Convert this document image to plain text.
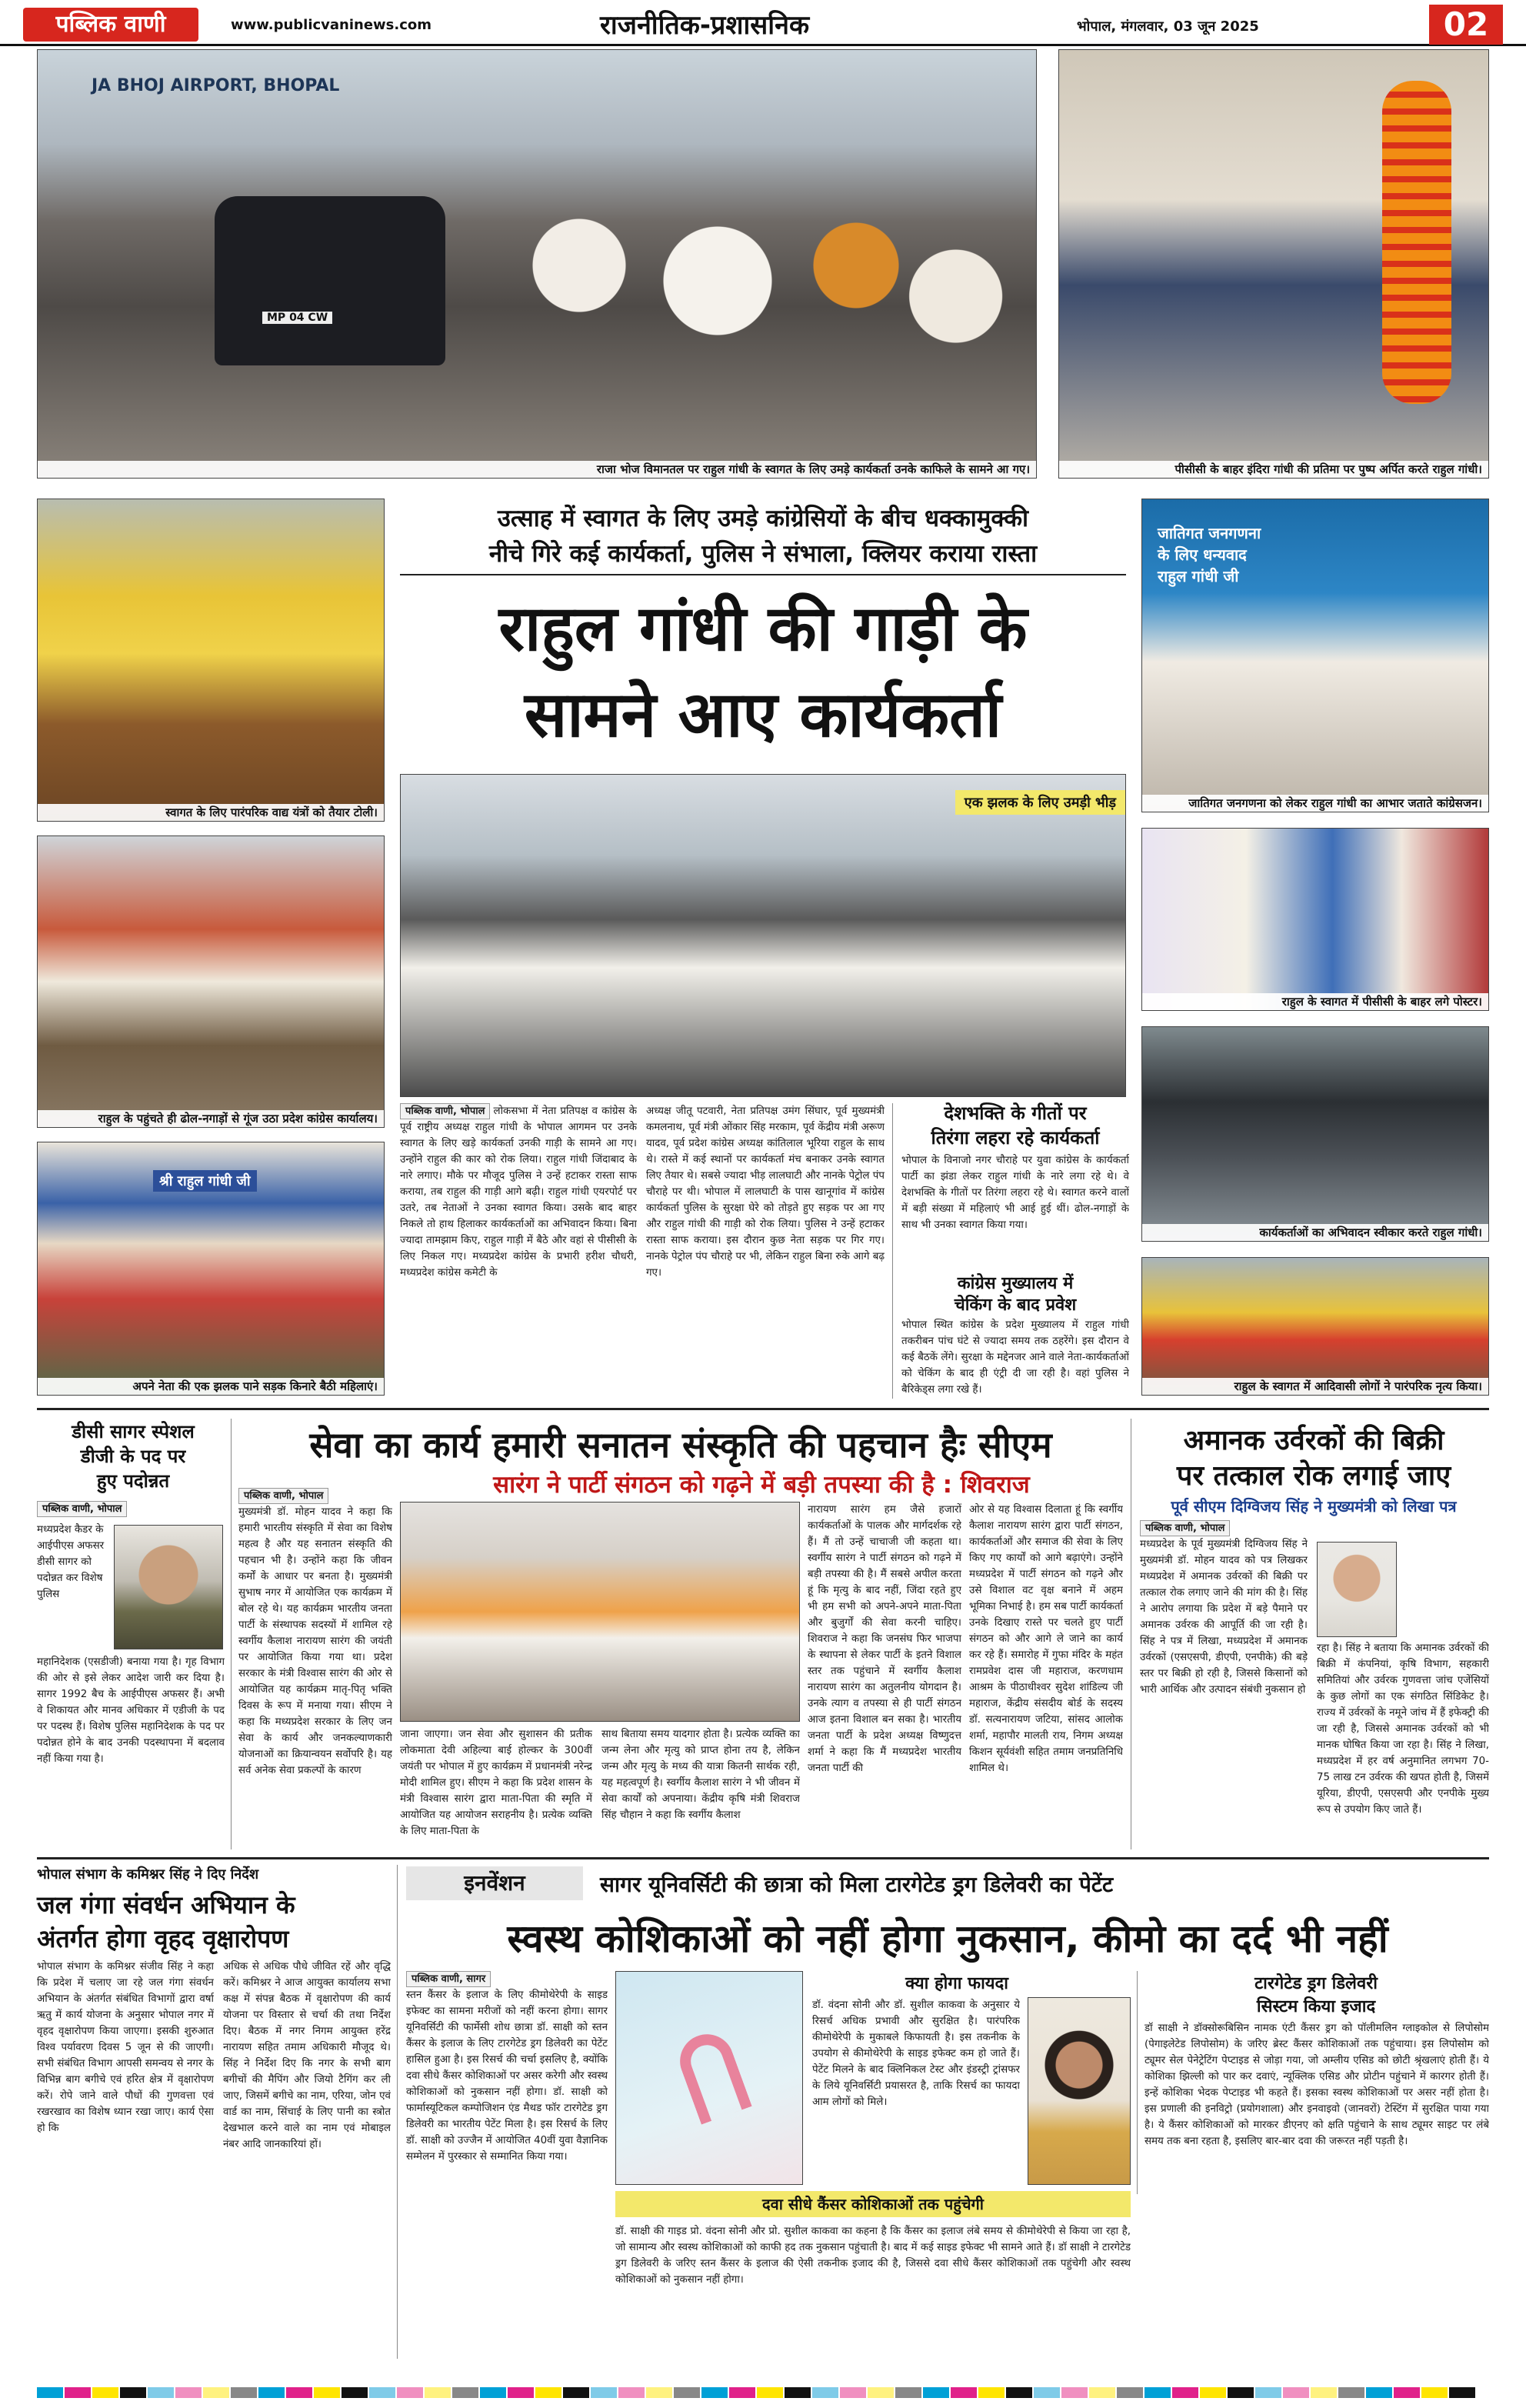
पब्लिक वाणी	www.publicvaninews.com	राजनीतिक-प्रशासनिक	भोपाल, मंगलवार, 03 जून 2025	02
JA BHOJ AIRPORT, BHOPAL
MP 04 CW
राजा भोज विमानतल पर राहुल गांधी के स्वागत के लिए उमड़े कार्यकर्ता उनके काफिले के सामने आ गए।	पीसीसी के बाहर इंदिरा गांधी की प्रतिमा पर पुष्प अर्पित करते राहुल गांधी।
स्वागत के लिए पारंपरिक वाद्य यंत्रों को तैयार टोली।
राहुल के पहुंचते ही ढोल-नगाड़ों से गूंज उठा प्रदेश कांग्रेस कार्यालय।
श्री राहुल गांधी जी
अपने नेता की एक झलक पाने सड़क किनारे बैठी महिलाएं।
जातिगत जनगणना के लिए धन्यवाद राहुल गांधी जी
जातिगत जनगणना को लेकर राहुल गांधी का आभार जताते कांग्रेसजन।
राहुल के स्वागत में पीसीसी के बाहर लगे पोस्टर।
कार्यकर्ताओं का अभिवादन स्वीकार करते राहुल गांधी।
राहुल के स्वागत में आदिवासी लोगों ने पारंपरिक नृत्य किया।
उत्साह में स्वागत के लिए उमड़े कांग्रेसियों के बीच धक्कामुक्की
नीचे गिरे कई कार्यकर्ता, पुलिस ने संभाला, क्लियर कराया रास्ता
राहुल गांधी की गाड़ी के
सामने आए कार्यकर्ता
एक झलक के लिए उमड़ी भीड़
पब्लिक वाणी, भोपाल लोकसभा में नेता प्रतिपक्ष व कांग्रेस के पूर्व राष्ट्रीय अध्यक्ष राहुल गांधी के भोपाल आगमन पर उनके स्वागत के लिए खड़े कार्यकर्ता उनकी गाड़ी के सामने आ गए। उन्होंने राहुल की कार को रोक लिया। राहुल गांधी जिंदाबाद के नारे लगाए। मौके पर मौजूद पुलिस ने उन्हें हटाकर रास्ता साफ कराया, तब राहुल की गाड़ी आगे बढ़ी। राहुल गांधी एयरपोर्ट पर उतरे, तब नेताओं ने उनका स्वागत किया। उसके बाद बाहर निकले तो हाथ हिलाकर कार्यकर्ताओं का अभिवादन किया। बिना ज्यादा तामझाम किए, राहुल गाड़ी में बैठे और वहां से पीसीसी के लिए निकल गए। मध्यप्रदेश कांग्रेस के प्रभारी हरीश चौधरी, मध्यप्रदेश कांग्रेस कमेटी के
अध्यक्ष जीतू पटवारी, नेता प्रतिपक्ष उमंग सिंघार, पूर्व मुख्यमंत्री कमलनाथ, पूर्व मंत्री ओंकार सिंह मरकाम, पूर्व केंद्रीय मंत्री अरूण यादव, पूर्व प्रदेश कांग्रेस अध्यक्ष कांतिलाल भूरिया राहुल के साथ थे। रास्ते में कई स्थानों पर कार्यकर्ता मंच बनाकर उनके स्वागत लिए तैयार थे। सबसे ज्यादा भीड़ लालघाटी और नानके पेट्रोल पंप चौराहे पर थी। भोपाल में लालघाटी के पास खानूगांव में कांग्रेस कार्यकर्ता पुलिस के सुरक्षा घेरे को तोड़ते हुए सड़क पर आ गए और राहुल गांधी की गाड़ी को रोक लिया। पुलिस ने उन्हें हटाकर रास्ता साफ कराया। इस दौरान कुछ नेता सड़क पर गिर गए। नानके पेट्रोल पंप चौराहे पर भी, लेकिन राहुल बिना रुके आगे बढ़ गए।
देशभक्ति के गीतों पर
तिरंगा लहरा रहे कार्यकर्ता
भोपाल के विनाजो नगर चौराहे पर युवा कांग्रेस के कार्यकर्ता पार्टी का झंडा लेकर राहुल गांधी के नारे लगा रहे थे। वे देशभक्ति के गीतों पर तिरंगा लहरा रहे थे। स्वागत करने वालों में बड़ी संख्या में महिलाएं भी आई हुई थीं। ढोल-नगाड़ों के साथ भी उनका स्वागत किया गया।
कांग्रेस मुख्यालय में
चेकिंग के बाद प्रवेश
भोपाल स्थित कांग्रेस के प्रदेश मुख्यालय में राहुल गांधी तकरीबन पांच घंटे से ज्यादा समय तक ठहरेंगे। इस दौरान वे कई बैठकें लेंगे। सुरक्षा के मद्देनजर आने वाले नेता-कार्यकर्ताओं को चेकिंग के बाद ही एंट्री दी जा रही है। वहां पुलिस ने बैरिकेड्स लगा रखे हैं।
डीसी सागर स्पेशल
डीजी के पद पर
हुए पदोन्नत
पब्लिक वाणी, भोपाल
मध्यप्रदेश कैडर के आईपीएस अफसर डीसी सागर को पदोन्नत कर विशेष पुलिस
महानिदेशक (एसडीजी) बनाया गया है। गृह विभाग की ओर से इसे लेकर आदेश जारी कर दिया है। सागर 1992 बैच के आईपीएस अफसर हैं। अभी वे शिकायत और मानव अधिकार में एडीजी के पद पर पदस्थ हैं। विशेष पुलिस महानिदेशक के पद पर पदोन्नत होने के बाद उनकी पदस्थापना में बदलाव नहीं किया गया है।
सेवा का कार्य हमारी सनातन संस्कृति की पहचान हैः सीएम
सारंग ने पार्टी संगठन को गढ़ने में बड़ी तपस्या की है : शिवराज
पब्लिक वाणी, भोपाल
मुख्यमंत्री डॉ. मोहन यादव ने कहा कि हमारी भारतीय संस्कृति में सेवा का विशेष महत्व है और यह सनातन संस्कृति की पहचान भी है। उन्होंने कहा कि जीवन कर्मों के आधार पर बनता है। मुख्यमंत्री सुभाष नगर में आयोजित एक कार्यक्रम में बोल रहे थे। यह कार्यक्रम भारतीय जनता पार्टी के संस्थापक सदस्यों में शामिल रहे स्वर्गीय कैलाश नारायण सारंग की जयंती पर आयोजित किया गया था। प्रदेश सरकार के मंत्री विश्वास सारंग की ओर से आयोजित यह कार्यक्रम मातृ-पितृ भक्ति दिवस के रूप में मनाया गया। सीएम ने कहा कि मध्यप्रदेश सरकार के लिए जन सेवा के कार्य और जनकल्याणकारी योजनाओं का क्रियान्वयन सर्वोपरि है। यह सर्व अनेक सेवा प्रकल्पों के कारण
जाना जाएगा। जन सेवा और सुशासन की प्रतीक लोकमाता देवी अहिल्या बाई होल्कर के 300वीं जयंती पर भोपाल में हुए कार्यक्रम में प्रधानमंत्री नरेन्द्र मोदी शामिल हुए। सीएम ने कहा कि प्रदेश शासन के मंत्री विश्वास सारंग द्वारा माता-पिता की स्मृति में आयोजित यह आयोजन सराहनीय है। प्रत्येक व्यक्ति के लिए माता-पिता के
साथ बिताया समय यादगार होता है। प्रत्येक व्यक्ति का जन्म लेना और मृत्यु को प्राप्त होना तय है, लेकिन जन्म और मृत्यु के मध्य की यात्रा कितनी सार्थक रही, यह महत्वपूर्ण है। स्वर्गीय कैलाश सारंग ने भी जीवन में सेवा कार्यों को अपनाया। केंद्रीय कृषि मंत्री शिवराज सिंह चौहान ने कहा कि स्वर्गीय कैलाश
नारायण सारंग हम जैसे हजारों कार्यकर्ताओं के पालक और मार्गदर्शक रहे हैं। मैं तो उन्हें चाचाजी जी कहता था। स्वर्गीय सारंग ने पार्टी संगठन को गढ़ने में बड़ी तपस्या की है। मैं सबसे अपील करता हूं कि मृत्यु के बाद नहीं, जिंदा रहते हुए भी हम सभी को अपने-अपने माता-पिता और बुजुर्गों की सेवा करनी चाहिए। शिवराज ने कहा कि जनसंघ फिर भाजपा के स्थापना से लेकर पार्टी के इतने विशाल स्तर तक पहुंचाने में स्वर्गीय कैलाश नारायण सारंग का अतुलनीय योगदान है। उनके त्याग व तपस्या से ही पार्टी संगठन आज इतना विशाल बन सका है। भारतीय जनता पार्टी के प्रदेश अध्यक्ष विष्णुदत्त शर्मा ने कहा कि मैं मध्यप्रदेश भारतीय जनता पार्टी की
ओर से यह विश्वास दिलाता हूं कि स्वर्गीय कैलाश नारायण सारंग द्वारा पार्टी संगठन, कार्यकर्ताओं और समाज की सेवा के लिए किए गए कार्यों को आगे बढ़ाएंगे। उन्होंने मध्यप्रदेश में पार्टी संगठन को गढ़ने और उसे विशाल वट वृक्ष बनाने में अहम भूमिका निभाई है। हम सब पार्टी कार्यकर्ता उनके दिखाए रास्ते पर चलते हुए पार्टी संगठन को और आगे ले जाने का कार्य कर रहे हैं। समारोह में गुफा मंदिर के महंत रामप्रवेश दास जी महाराज, करणधाम आश्रम के पीठाधीश्वर सुदेश शांडिल्य जी महाराज, केंद्रीय संसदीय बोर्ड के सदस्य डॉ. सत्यनारायण जटिया, सांसद आलोक शर्मा, महापौर मालती राय, निगम अध्यक्ष किशन सूर्यवंशी सहित तमाम जनप्रतिनिधि शामिल थे।
अमानक उर्वरकों की बिक्री
पर तत्काल रोक लगाई जाए
पूर्व सीएम दिग्विजय सिंह ने मुख्यमंत्री को लिखा पत्र
पब्लिक वाणी, भोपाल
मध्यप्रदेश के पूर्व मुख्यमंत्री दिग्विजय सिंह ने मुख्यमंत्री डॉ. मोहन यादव को पत्र लिखकर मध्यप्रदेश में अमानक उर्वरकों की बिक्री पर तत्काल रोक लगाए जाने की मांग की है। सिंह ने आरोप लगाया कि प्रदेश में बड़े पैमाने पर अमानक उर्वरक की आपूर्ति की जा रही है। सिंह ने पत्र में लिखा, मध्यप्रदेश में अमानक उर्वरकों (एसएसपी, डीएपी, एनपीके) की बड़े स्तर पर बिक्री हो रही है, जिससे किसानों को भारी आर्थिक और उत्पादन संबंधी नुकसान हो
रहा है। सिंह ने बताया कि अमानक उर्वरकों की बिक्री में कंपनियां, कृषि विभाग, सहकारी समितियां और उर्वरक गुणवत्ता जांच एजेंसियों के कुछ लोगों का एक संगठित सिंडिकेट है। राज्य में उर्वरकों के नमूने जांच में हैं इफेक्ट्री की जा रही है, जिससे अमानक उर्वरकों को भी मानक घोषित किया जा रहा है। सिंह ने लिखा, मध्यप्रदेश में हर वर्ष अनुमानित लगभग 70-75 लाख टन उर्वरक की खपत होती है, जिसमें यूरिया, डीएपी, एसएसपी और एनपीके मुख्य रूप से उपयोग किए जाते हैं।
भोपाल संभाग के कमिश्नर सिंह ने दिए निर्देश
जल गंगा संवर्धन अभियान के
अंतर्गत होगा वृहद वृक्षारोपण
भोपाल संभाग के कमिश्नर संजीव सिंह ने कहा कि प्रदेश में चलाए जा रहे जल गंगा संवर्धन अभियान के अंतर्गत संबंधित विभागों द्वारा वर्षा ऋतु में कार्य योजना के अनुसार भोपाल नगर में वृहद वृक्षारोपण किया जाएगा। इसकी शुरुआत विश्व पर्यावरण दिवस 5 जून से की जाएगी। सभी संबंधित विभाग आपसी समन्वय से नगर के विभिन्न बाग बगीचे एवं हरित क्षेत्र में वृक्षारोपण करें। रोपे जाने वाले पौधों की गुणवत्ता एवं रखरखाव का विशेष ध्यान रखा जाए। कार्य ऐसा हो कि
अधिक से अधिक पौधे जीवित रहें और वृद्धि करें। कमिश्नर ने आज आयुक्त कार्यालय सभा कक्ष में संपन्न बैठक में वृक्षारोपण की कार्य योजना पर विस्तार से चर्चा की तथा निर्देश दिए। बैठक में नगर निगम आयुक्त हरेंद्र नारायण सहित तमाम अधिकारी मौजूद थे। सिंह ने निर्देश दिए कि नगर के सभी बाग बगीचों की मैपिंग और जियो टैगिंग कर ली जाए, जिसमें बगीचे का नाम, एरिया, जोन एवं वार्ड का नाम, सिंचाई के लिए पानी का स्त्रोत देखभाल करने वाले का नाम एवं मोबाइल नंबर आदि जानकारियां हों।
इनवेंशन	सागर यूनिवर्सिटी की छात्रा को मिला टारगेटेड ड्रग डिलेवरी का पेटेंट
स्वस्थ कोशिकाओं को नहीं होगा नुकसान, कीमो का दर्द भी नहीं
पब्लिक वाणी, सागर
स्तन कैंसर के इलाज के लिए कीमोथेरेपी के साइड इफेक्ट का सामना मरीजों को नहीं करना होगा। सागर यूनिवर्सिटी की फार्मेसी शोध छात्रा डॉ. साक्षी को स्तन कैंसर के इलाज के लिए टारगेटेड ड्रग डिलेवरी का पेटेंट हासिल हुआ है। इस रिसर्च की चर्चा इसलिए है, क्योंकि दवा सीधे कैंसर कोशिकाओं पर असर करेगी और स्वस्थ कोशिकाओं को नुकसान नहीं होगा। डॉ. साक्षी को फार्मास्यूटिकल कम्पोजिशन एंड मैथड फॉर टारगेटेड ड्रग डिलेवरी का भारतीय पेटेंट मिला है। इस रिसर्च के लिए डॉ. साक्षी को उज्जैन में आयोजित 40वीं युवा वैज्ञानिक सम्मेलन में पुरस्कार से सम्मानित किया गया।
क्या होगा फायदा
डॉ. वंदना सोनी और डॉ. सुशील काकवा के अनुसार ये रिसर्च अधिक प्रभावी और सुरक्षित है। पारंपरिक कीमोथेरेपी के मुकाबले किफायती है। इस तकनीक के उपयोग से कीमोथेरेपी के साइड इफेक्ट कम हो जाते हैं। पेटेंट मिलने के बाद क्लिनिकल टेस्ट और इंडस्ट्री ट्रांसफर के लिये यूनिवर्सिटी प्रयासरत है, ताकि रिसर्च का फायदा आम लोगों को मिले।
टारगेटेड ड्रग डिलेवरी
सिस्टम किया इजाद
डॉ साक्षी ने डॉक्सोरूबिसिन नामक एंटी कैंसर ड्रग को पॉलीमलिन ग्लाइकोल से लिपोसोम (पेगाइलेटेड लिपोसोम) के जरिए ब्रेस्ट कैंसर कोशिकाओं तक पहुंचाया। इस लिपोसोम को ट्यूमर सेल पेनेट्रेटिंग पेप्टाइड से जोड़ा गया, जो अम्लीय एसिड को छोटी श्रृंखलाएं होती हैं। ये कोशिका झिल्ली को पार कर दवाएं, न्यूक्लिक एसिड और प्रोटीन पहुंचाने में कारगर होती हैं। इन्हें कोशिका भेदक पेप्टाइड भी कहते हैं। इसका स्वस्थ कोशिकाओं पर असर नहीं होता है। इस प्रणाली की इनविट्रो (प्रयोगशाला) और इनवाइवो (जानवरों) टेस्टिंग में सुरक्षित पाया गया है। ये कैंसर कोशिकाओं को मारकर डीएनए को क्षति पहुंचाने के साथ ट्यूमर साइट पर लंबे समय तक बना रहता है, इसलिए बार-बार दवा की जरूरत नहीं पड़ती है।
दवा सीधे कैंसर कोशिकाओं तक पहुंचेगी
डॉ. साक्षी की गाइड प्रो. वंदना सोनी और प्रो. सुशील काकवा का कहना है कि कैंसर का इलाज लंबे समय से कीमोथेरेपी से किया जा रहा है, जो सामान्य और स्वस्थ कोशिकाओं को काफी हद तक नुकसान पहुंचाती है। बाद में कई साइड इफेक्ट भी सामने आते हैं। डॉ साक्षी ने टारगेटेड ड्रग डिलेवरी के जरिए स्तन कैंसर के इलाज की ऐसी तकनीक इजाद की है, जिससे दवा सीधे कैंसर कोशिकाओं तक पहुंचेगी और स्वस्थ कोशिकाओं को नुकसान नहीं होगा।
